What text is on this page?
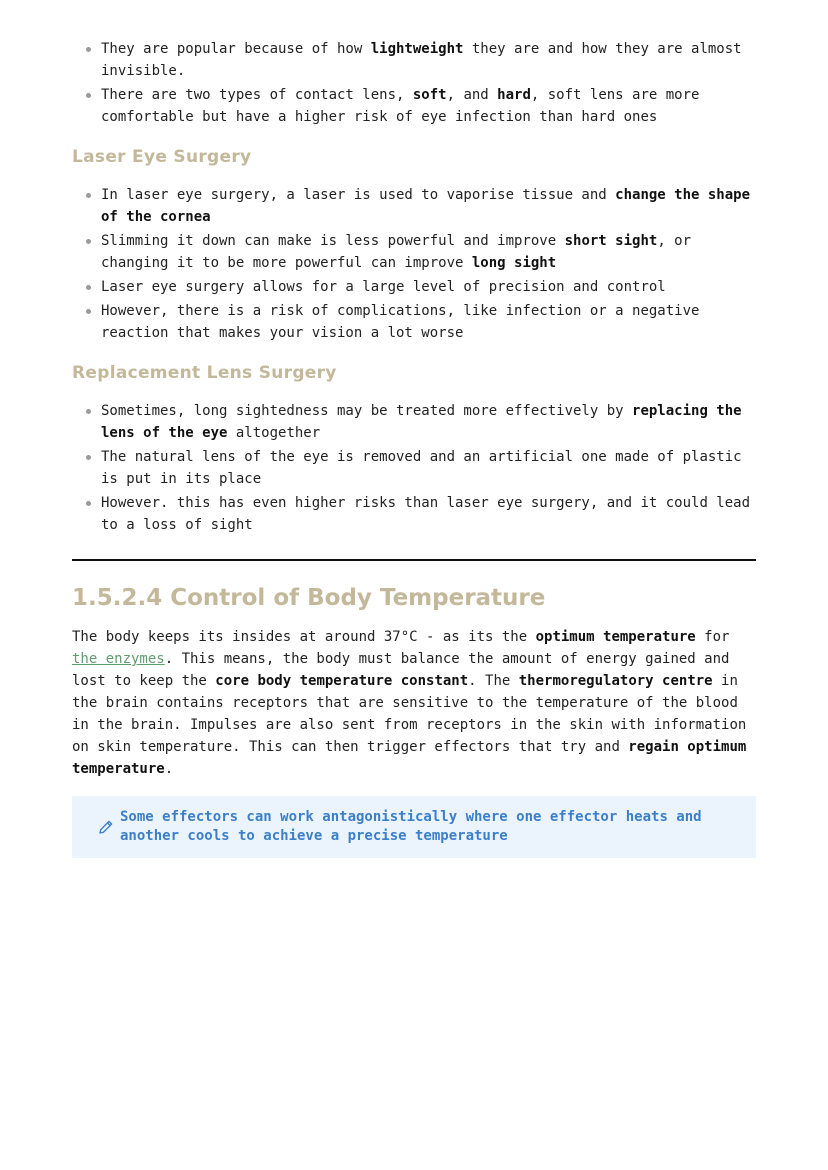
They are popular because of how lightweight they are and how they are almost invisible.
There are two types of contact lens, soft, and hard, soft lens are more comfortable but have a higher risk of eye infection than hard ones
Laser Eye Surgery
In laser eye surgery, a laser is used to vaporise tissue and change the shape of the cornea
Slimming it down can make is less powerful and improve short sight, or changing it to be more powerful can improve long sight
Laser eye surgery allows for a large level of precision and control
However, there is a risk of complications, like infection or a negative reaction that makes your vision a lot worse
Replacement Lens Surgery
Sometimes, long sightedness may be treated more effectively by replacing the lens of the eye altogether
The natural lens of the eye is removed and an artificial one made of plastic is put in its place
However. this has even higher risks than laser eye surgery, and it could lead to a loss of sight
1.5.2.4 Control of Body Temperature

The body keeps its insides at around 37°C - as its the optimum temperature for the enzymes. This means, the body must balance the amount of energy gained and lost to keep the core body temperature constant. The thermoregulatory centre in the brain contains receptors that are sensitive to the temperature of the blood in the brain. Impulses are also sent from receptors in the skin with information on skin temperature. This can then trigger effectors that try and regain optimum temperature.

Some effectors can work antagonistically where one effector heats and another cools to achieve a precise temperature
